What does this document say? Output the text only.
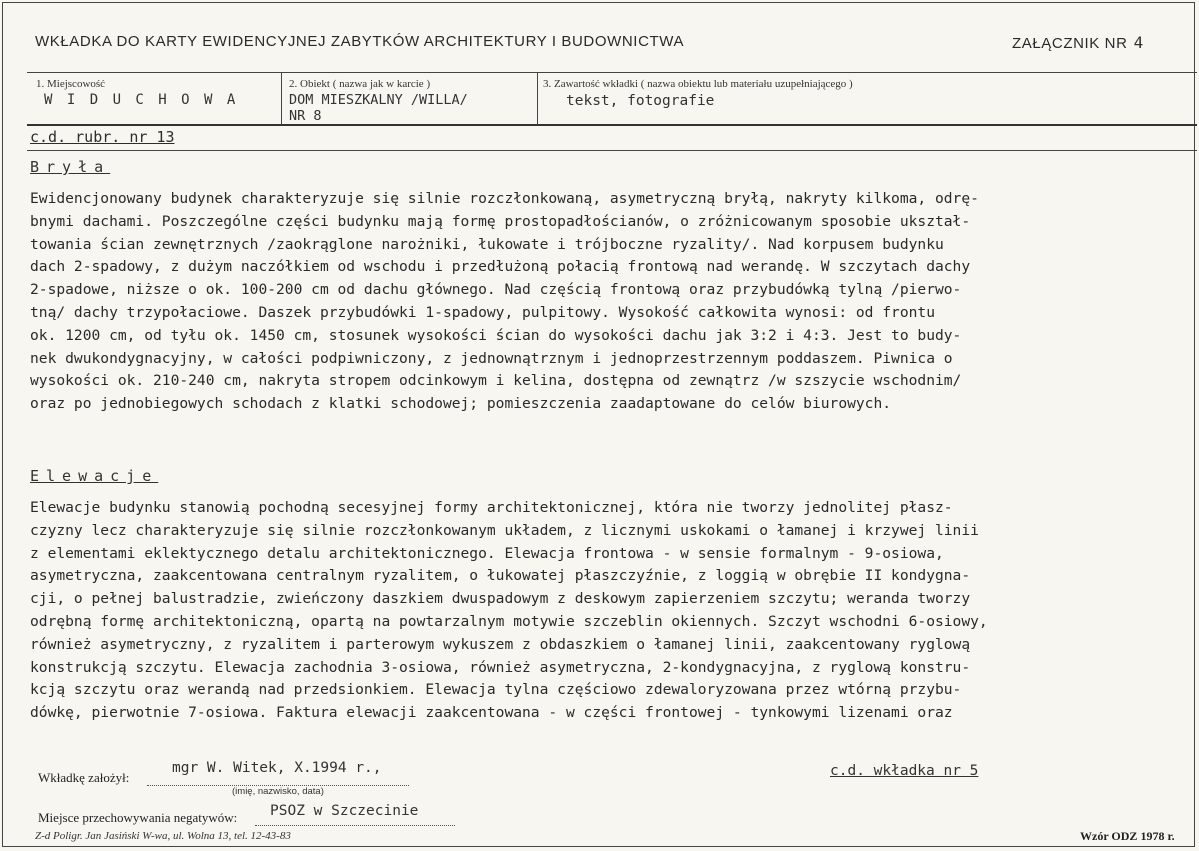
WKŁADKA DO KARTY EWIDENCYJNEJ ZABYTKÓW ARCHITEKTURY I BUDOWNICTWA	ZAŁĄCZNIK NR 4
1. Miejscowość
W I D U C H O W A
2. Obiekt ( nazwa jak w karcie )
DOM MIESZKALNY /WILLA/
NR 8
3. Zawartość wkładki ( nazwa obiektu lub materiału uzupełniającego )
tekst, fotografie
c.d. rubr. nr 13
Bryła
Ewidencjonowany budynek charakteryzuje się silnie rozczłonkowaną, asymetryczną bryłą, nakryty kilkoma, odrę-
bnymi dachami. Poszczególne części budynku mają formę prostopadłościanów, o zróżnicowanym sposobie ukształ-
towania ścian zewnętrznych /zaokrąglone narożniki, łukowate i trójboczne ryzality/. Nad korpusem budynku
dach 2-spadowy, z dużym naczółkiem od wschodu i przedłużoną połacią frontową nad werandę. W szczytach dachy
2-spadowe, niższe o ok. 100-200 cm od dachu głównego. Nad częścią frontową oraz przybudówką tylną /pierwo-
tną/ dachy trzypołaciowe. Daszek przybudówki 1-spadowy, pulpitowy. Wysokość całkowita wynosi: od frontu
ok. 1200 cm, od tyłu ok. 1450 cm, stosunek wysokości ścian do wysokości dachu jak 3:2 i 4:3. Jest to budy-
nek dwukondygnacyjny, w całości podpiwniczony, z jednownątrznym i jednoprzestrzennym poddaszem. Piwnica o
wysokości ok. 210-240 cm, nakryta stropem odcinkowym i kelina, dostępna od zewnątrz /w szszycie wschodnim/
oraz po jednobiegowych schodach z klatki schodowej; pomieszczenia zaadaptowane do celów biurowych.
Elewacje
Elewacje budynku stanowią pochodną secesyjnej formy architektonicznej, która nie tworzy jednolitej płasz-
czyzny lecz charakteryzuje się silnie rozczłonkowanym układem, z licznymi uskokami o łamanej i krzywej linii
z elementami eklektycznego detalu architektonicznego. Elewacja frontowa - w sensie formalnym - 9-osiowa,
asymetryczna, zaakcentowana centralnym ryzalitem, o łukowatej płaszczyźnie, z loggią w obrębie II kondygna-
cji, o pełnej balustradzie, zwieńczony daszkiem dwuspadowym z deskowym zapierzeniem szczytu; weranda tworzy
odrębną formę architektoniczną, opartą na powtarzalnym motywie szczeblin okiennych. Szczyt wschodni 6-osiowy,
również asymetryczny, z ryzalitem i parterowym wykuszem z obdaszkiem o łamanej linii, zaakcentowany ryglową
konstrukcją szczytu. Elewacja zachodnia 3-osiowa, również asymetryczna, 2-kondygnacyjna, z ryglową konstru-
kcją szczytu oraz werandą nad przedsionkiem. Elewacja tylna częściowo zdewaloryzowana przez wtórną przybu-
dówkę, pierwotnie 7-osiowa. Faktura elewacji zaakcentowana - w części frontowej - tynkowymi lizenami oraz
Wkładkę założył:
mgr W. Witek, X.1994 r.,
(imię, nazwisko, data)
c.d. wkładka nr 5
Miejsce przechowywania negatywów: PSOZ w Szczecinie
Z-d Poligr. Jan Jasiński W-wa, ul. Wolna 13, tel. 12-43-83	Wzór ODZ 1978 r.
